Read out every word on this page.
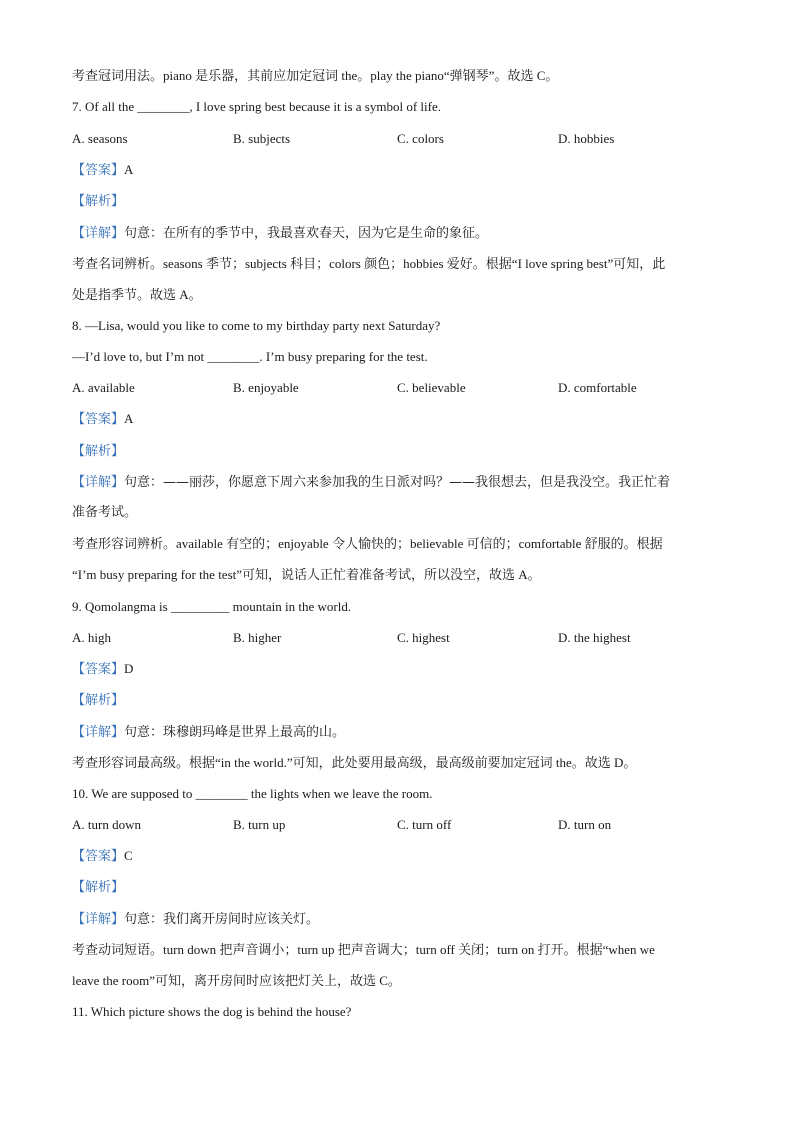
考查冠词用法。piano 是乐器，其前应加定冠词 the。play the piano“弹钢琴”。故选 C。
7. Of all the ________, I love spring best because it is a symbol of life.
A. seasons	B. subjects	C. colors	D. hobbies
【答案】A
【解析】
【详解】句意：在所有的季节中，我最喜欢春天，因为它是生命的象征。
考查名词辨析。seasons 季节；subjects 科目；colors 颜色；hobbies 爱好。根据“I love spring best”可知，此
处是指季节。故选 A。
8. —Lisa, would you like to come to my birthday party next Saturday?
—I’d love to, but I’m not ________. I’m busy preparing for the test.
A. available	B. enjoyable	C. believable	D. comfortable
【答案】A
【解析】
【详解】句意：——丽莎，你愿意下周六来参加我的生日派对吗？——我很想去，但是我没空。我正忙着
准备考试。
考查形容词辨析。available 有空的；enjoyable 令人愉快的；believable 可信的；comfortable 舒服的。根据
“I’m busy preparing for the test”可知，说话人正忙着准备考试，所以没空，故选 A。
9. Qomolangma is _________ mountain in the world.
A. high	B. higher	C. highest	D. the highest
【答案】D
【解析】
【详解】句意：珠穆朗玛峰是世界上最高的山。
考查形容词最高级。根据“in the world.”可知，此处要用最高级，最高级前要加定冠词 the。故选 D。
10. We are supposed to ________ the lights when we leave the room.
A. turn down	B. turn up	C. turn off	D. turn on
【答案】C
【解析】
【详解】句意：我们离开房间时应该关灯。
考查动词短语。turn down 把声音调小；turn up 把声音调大；turn off 关闭；turn on 打开。根据“when we
leave the room”可知，离开房间时应该把灯关上，故选 C。
11. Which picture shows the dog is behind the house?
